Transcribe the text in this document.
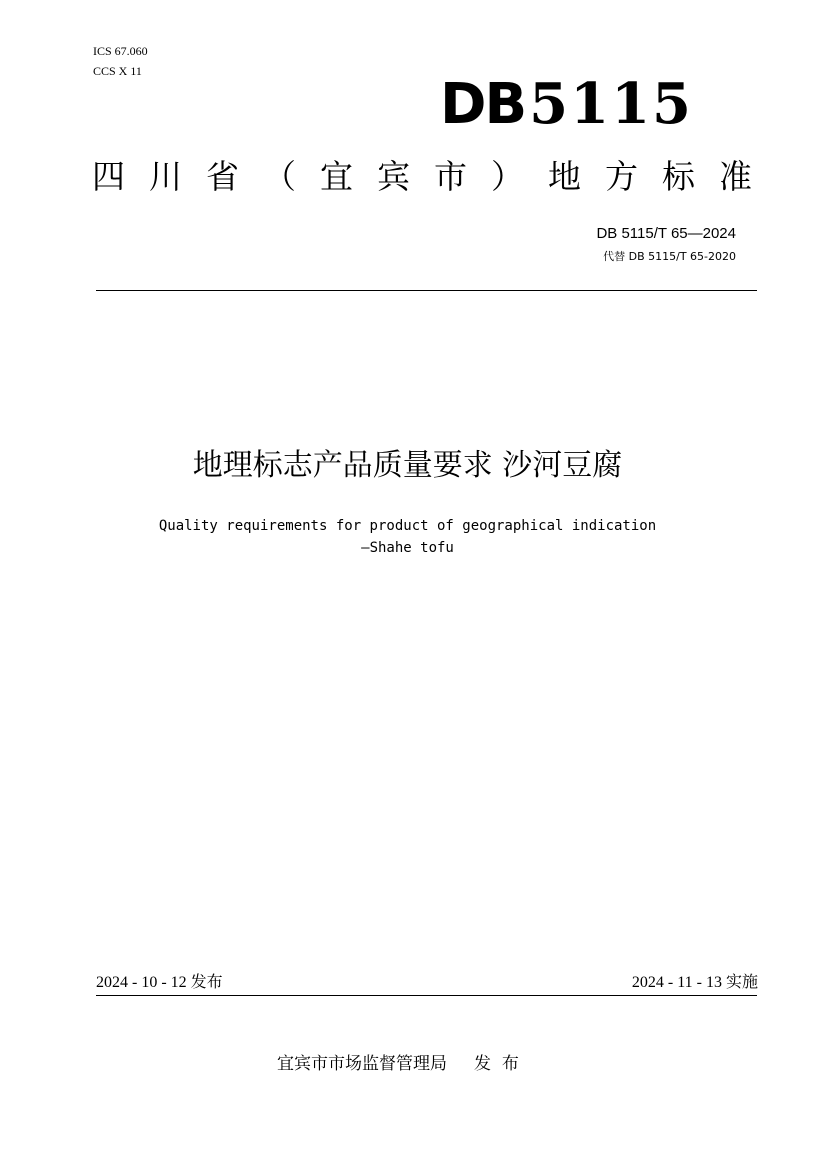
ICS 67.060
CCS X 11
DB5115
四 川 省 （ 宜 宾 市 ） 地 方 标 准
DB 5115/T 65—2024
代替 DB 5115/T 65-2020
地理标志产品质量要求 沙河豆腐
Quality requirements for product of geographical indication
—Shahe tofu
2024 - 10 - 12 发布	2024 - 11 - 13 实施
宜宾市市场监督管理局     发  布
